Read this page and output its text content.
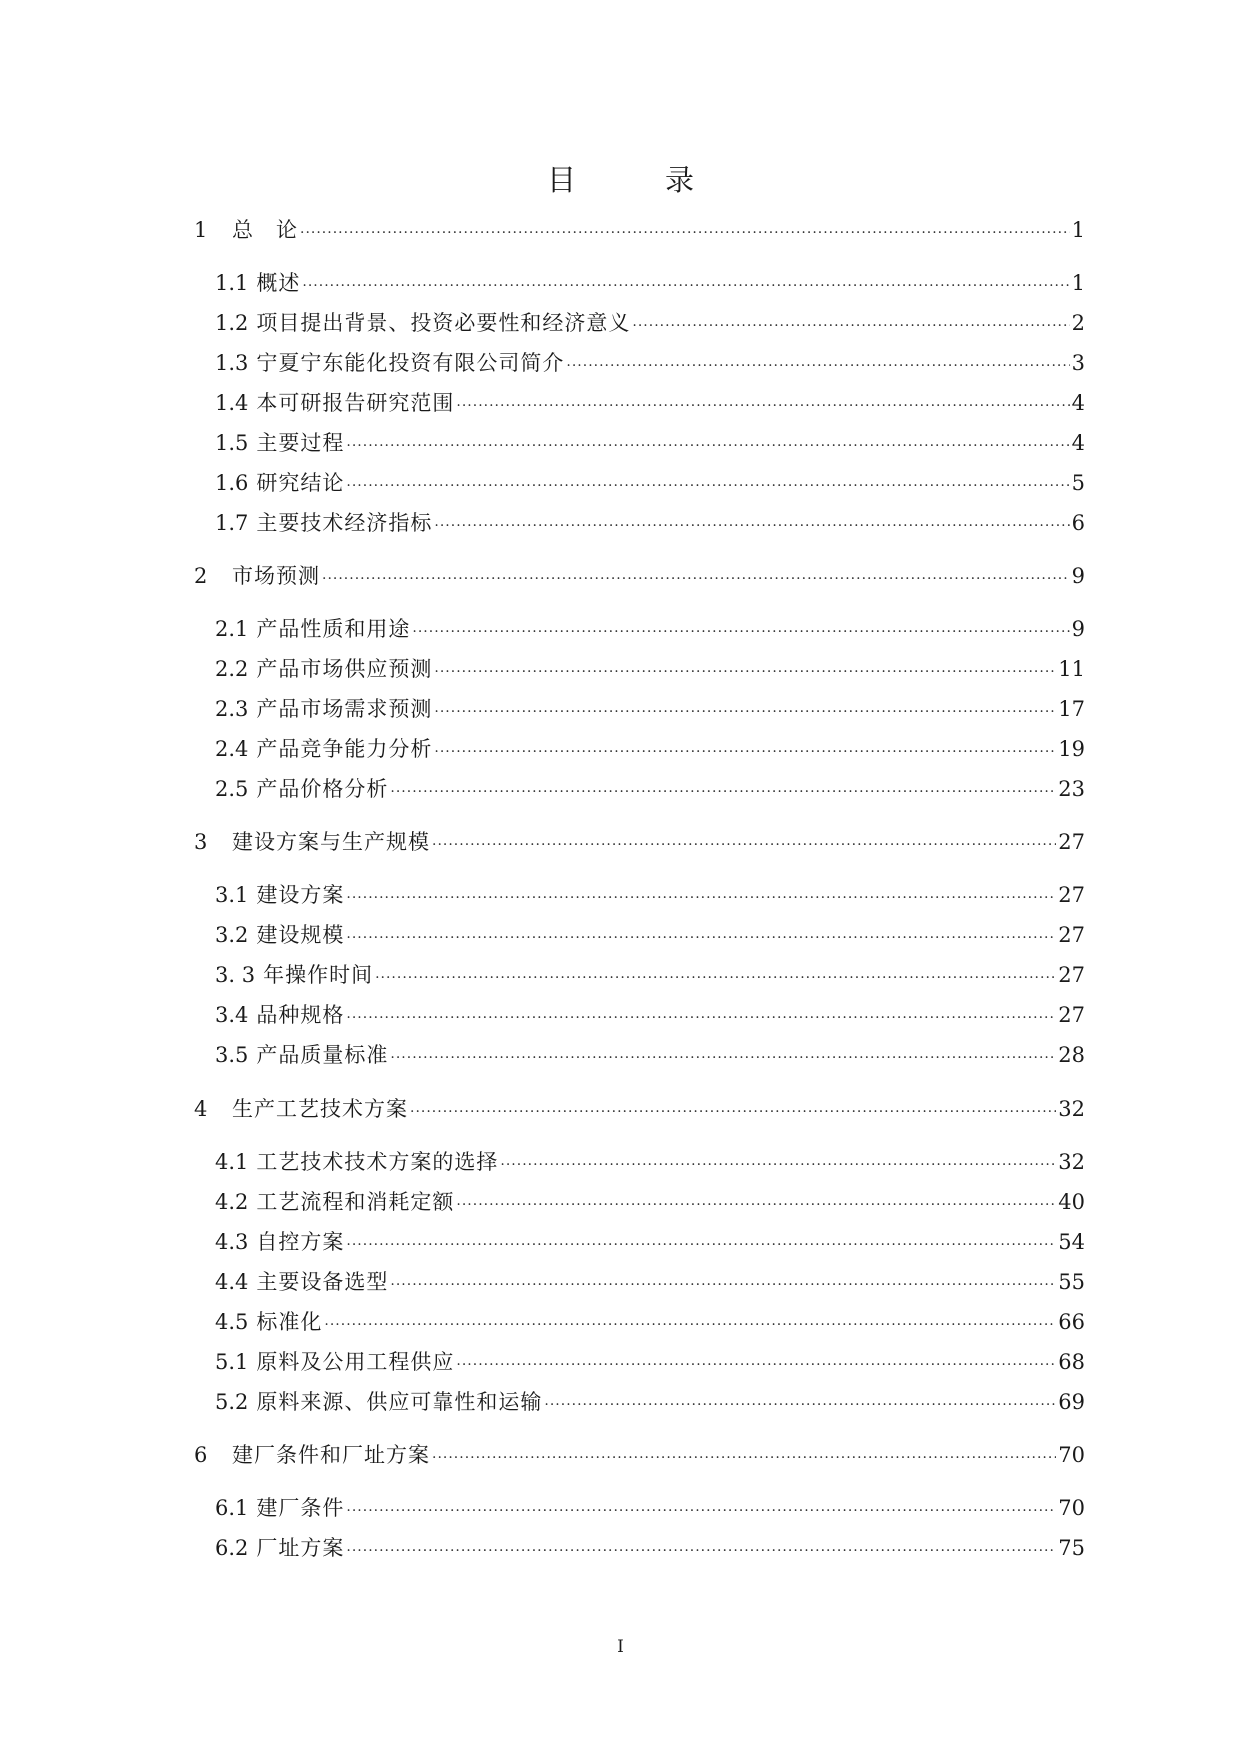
目　录
1	总　论 ·····	1
1.1 概述 ·····	1
1.2 项目提出背景、投资必要性和经济意义 ·····	2
1.3 宁夏宁东能化投资有限公司简介 ·····	3
1.4 本可研报告研究范围 ·····	4
1.5 主要过程 ·····	4
1.6 研究结论 ·····	5
1.7 主要技术经济指标 ·····	6
2	市场预测 ·····	9
2.1 产品性质和用途 ·····	9
2.2 产品市场供应预测 ·····	11
2.3 产品市场需求预测 ·····	17
2.4 产品竞争能力分析 ·····	19
2.5 产品价格分析 ·····	23
3	建设方案与生产规模 ·····	27
3.1 建设方案 ·····	27
3.2 建设规模 ·····	27
3. 3 年操作时间 ·····	27
3.4 品种规格 ·····	27
3.5 产品质量标准 ·····	28
4	生产工艺技术方案 ·····	32
4.1 工艺技术技术方案的选择 ·····	32
4.2 工艺流程和消耗定额 ·····	40
4.3 自控方案 ·····	54
4.4 主要设备选型 ·····	55
4.5 标准化 ·····	66
5.1 原料及公用工程供应 ·····	68
5.2 原料来源、供应可靠性和运输 ·····	69
6	建厂条件和厂址方案 ·····	70
6.1 建厂条件 ·····	70
6.2 厂址方案 ·····	75
I
